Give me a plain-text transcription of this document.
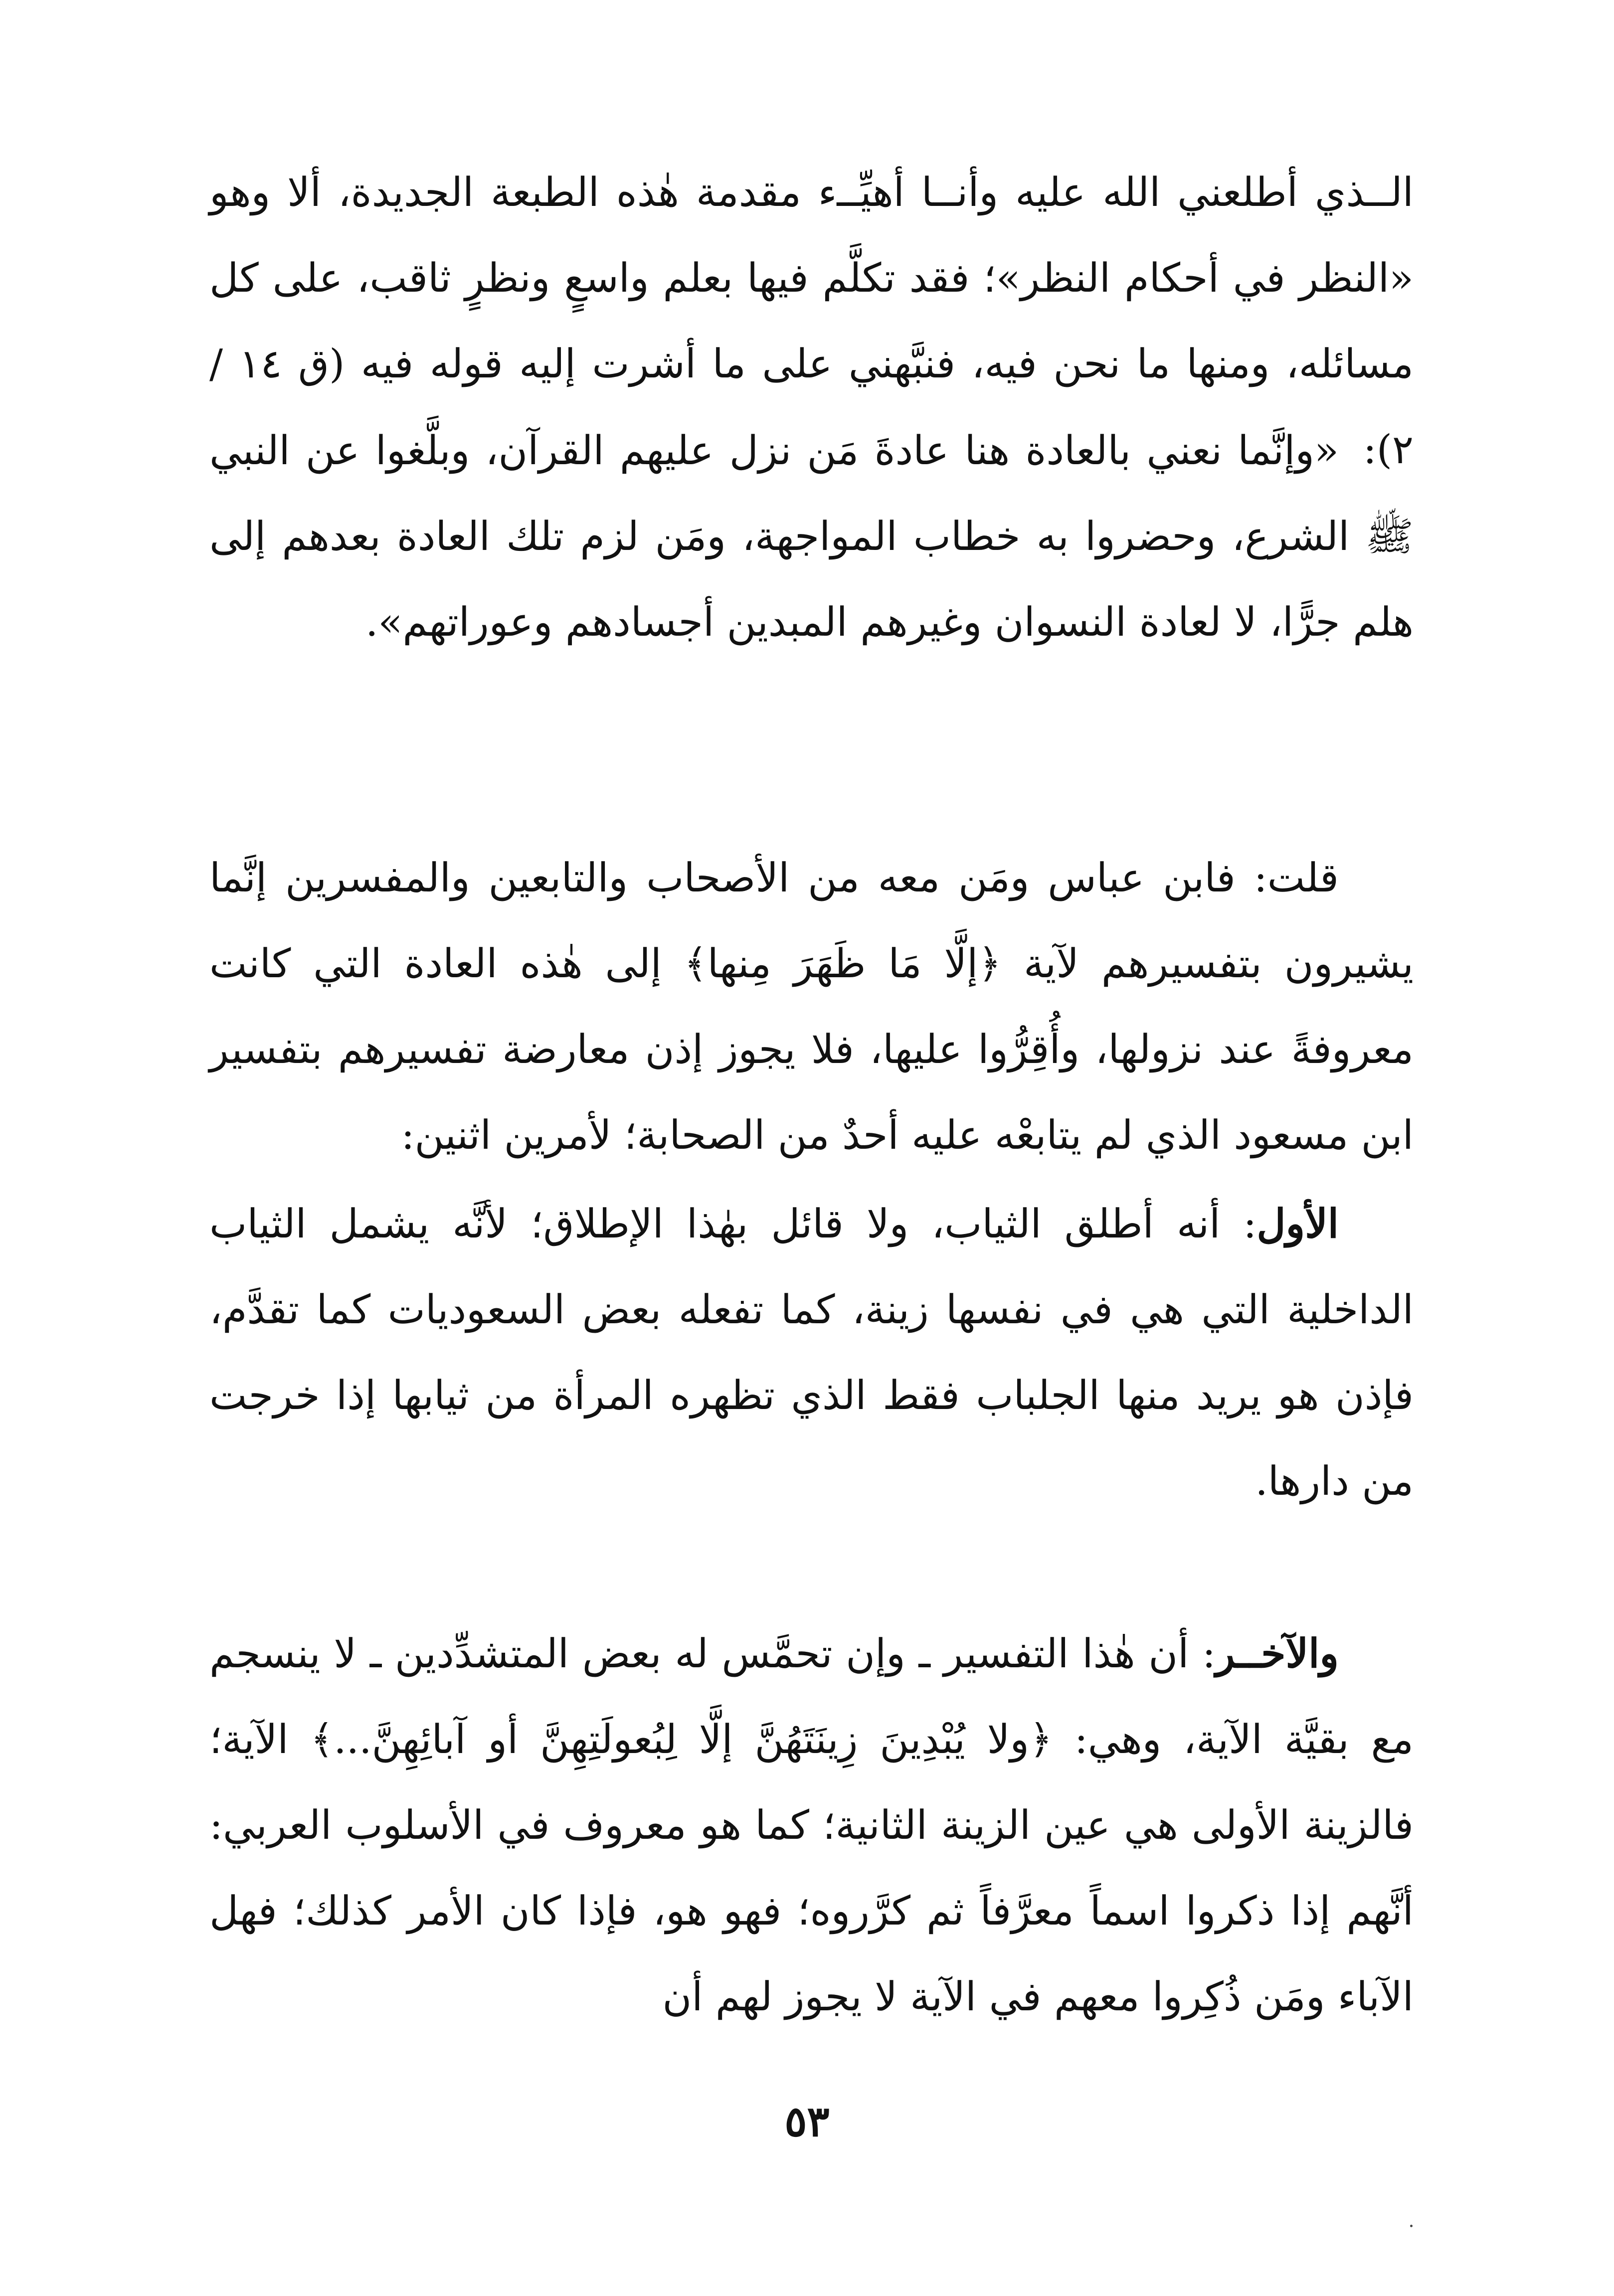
الــذي أطلعني الله عليه وأنــا أهيِّــء مقدمة هٰذه الطبعة الجديدة، ألا وهو «النظر في أحكام النظر»؛ فقد تكلَّم فيها بعلم واسعٍ ونظرٍ ثاقب، على كل مسائله، ومنها ما نحن فيه، فنبَّهني على ما أشرت إليه قوله فيه (ق ١٤ / ٢):

«وإنَّما نعني بالعادة هنا عادةَ مَن نزل عليهم القرآن، وبلَّغوا عن النبي ﷺ الشرع، وحضروا به خطاب المواجهة، ومَن لزم تلك العادة بعدهم إلى هلم جرًّا، لا لعادة النسوان وغيرهم المبدين أجسادهم وعوراتهم».

قلت: فابن عباس ومَن معه من الأصحاب والتابعين والمفسرين إنَّما يشيرون بتفسيرهم لآية ﴿إلَّا مَا ظَهَرَ مِنها﴾ إلى هٰذه العادة التي كانت معروفةً عند نزولها، وأُقِرُّوا عليها، فلا يجوز إذن معارضة تفسيرهم بتفسير ابن مسعود الذي لم يتابعْه عليه أحدٌ من الصحابة؛ لأمرين اثنين:

الأول: أنه أطلق الثياب، ولا قائل بهٰذا الإطلاق؛ لأنَّه يشمل الثياب الداخلية التي هي في نفسها زينة، كما تفعله بعض السعوديات كما تقدَّم، فإذن هو يريد منها الجلباب فقط الذي تظهره المرأة من ثيابها إذا خرجت من دارها.

والآخــر: أن هٰذا التفسير ـ وإن تحمَّس له بعض المتشدِّدين ـ لا ينسجم مع بقيَّة الآية، وهي: ﴿ولا يُبْدِينَ زِينَتَهُنَّ إلَّا لِبُعولَتِهِنَّ أو آبائِهِنَّ...﴾ الآية؛ فالزينة الأولى هي عين الزينة الثانية؛ كما هو معروف في الأسلوب العربي: أنَّهم إذا ذكروا اسماً معرَّفاً ثم كرَّروه؛ فهو هو، فإذا كان الأمر كذلك؛ فهل الآباء ومَن ذُكِروا معهم في الآية لا يجوز لهم أن

٥٣
